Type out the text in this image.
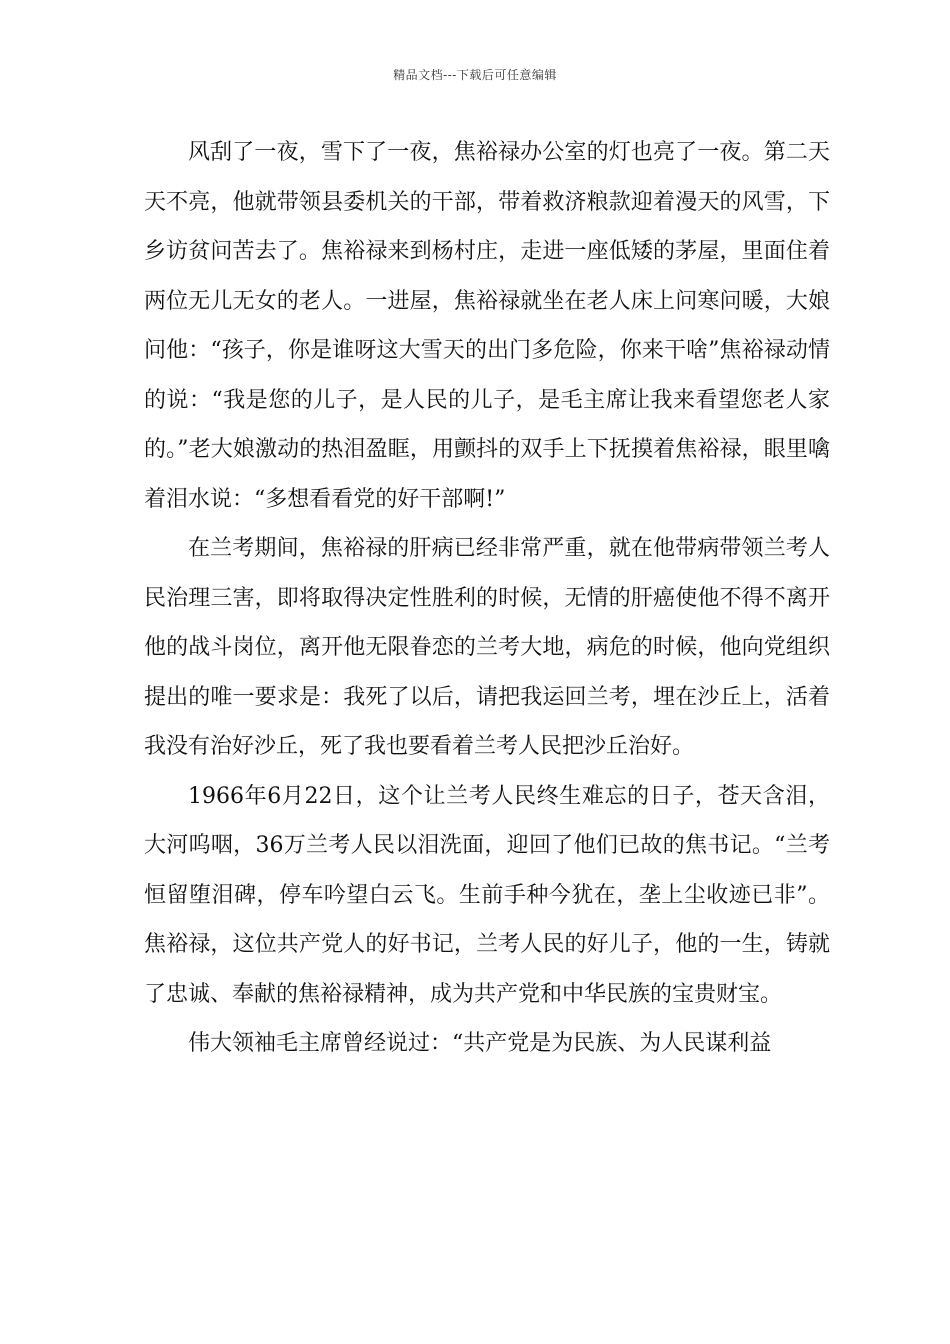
精品文档---下载后可任意编辑

风刮了一夜，雪下了一夜，焦裕禄办公室的灯也亮了一夜。第二天天不亮，他就带领县委机关的干部，带着救济粮款迎着漫天的风雪，下乡访贫问苦去了。焦裕禄来到杨村庄，走进一座低矮的茅屋，里面住着两位无儿无女的老人。一进屋，焦裕禄就坐在老人床上问寒问暖，大娘问他：“孩子，你是谁呀这大雪天的出门多危险，你来干啥”焦裕禄动情的说：“我是您的儿子，是人民的儿子，是毛主席让我来看望您老人家的。”老大娘激动的热泪盈眶，用颤抖的双手上下抚摸着焦裕禄，眼里噙着泪水说：“多想看看党的好干部啊!”

在兰考期间，焦裕禄的肝病已经非常严重，就在他带病带领兰考人民治理三害，即将取得决定性胜利的时候，无情的肝癌使他不得不离开他的战斗岗位，离开他无限眷恋的兰考大地，病危的时候，他向党组织提出的唯一要求是：我死了以后，请把我运回兰考，埋在沙丘上，活着我没有治好沙丘，死了我也要看着兰考人民把沙丘治好。

1966年6月22日，这个让兰考人民终生难忘的日子，苍天含泪，大河呜咽，36万兰考人民以泪洗面，迎回了他们已故的焦书记。“兰考恒留堕泪碑，停车吟望白云飞。生前手种今犹在，垄上尘收迹已非”。焦裕禄，这位共产党人的好书记，兰考人民的好儿子，他的一生，铸就了忠诚、奉献的焦裕禄精神，成为共产党和中华民族的宝贵财宝。

伟大领袖毛主席曾经说过：“共产党是为民族、为人民谋利益
